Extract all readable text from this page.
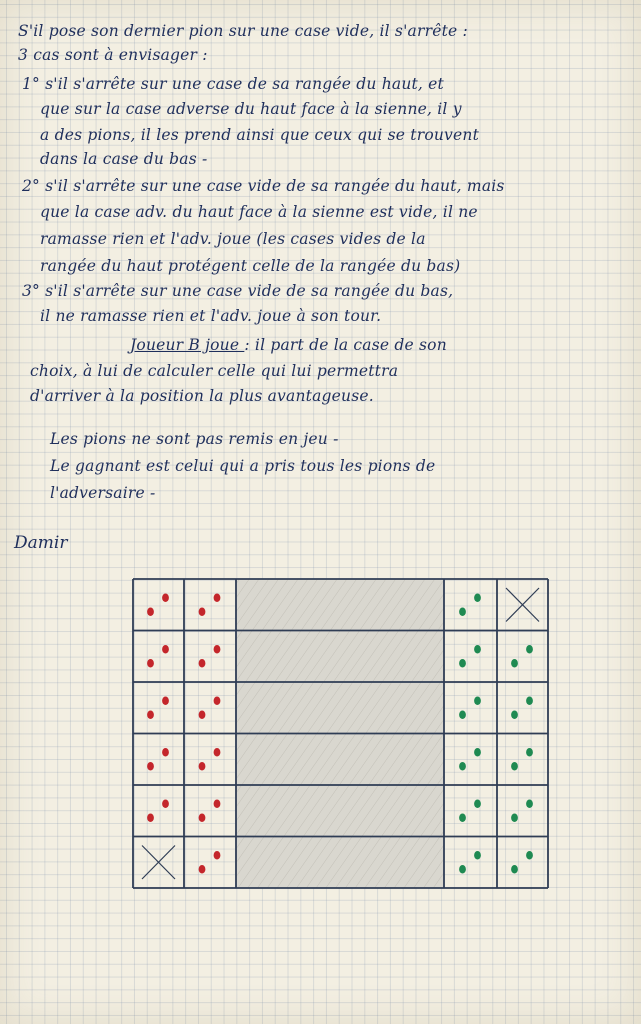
S'il pose son dernier pion sur une case vide, il s'arrête :
3 cas sont à envisager :
1° s'il s'arrête sur une case de sa rangée du haut, et
que sur la case adverse du haut face à la sienne, il y
a des pions, il les prend ainsi que ceux qui se trouvent
dans la case du bas -
2° s'il s'arrête sur une case vide de sa rangée du haut, mais
que la case adv. du haut face à la sienne est vide, il ne
ramasse rien et l'adv. joue (les cases vides de la
rangée du haut protégent celle de la rangée du bas)
3° s'il s'arrête sur une case vide de sa rangée du bas,
il ne ramasse rien et l'adv. joue à son tour.
Joueur B joue : il part de la case de son
choix, à lui de calculer celle qui lui permettra
d'arriver à la position la plus avantageuse.
Les pions ne sont pas remis en jeu -
Le gagnant est celui qui a pris tous les pions de
l'adversaire -
Damir
